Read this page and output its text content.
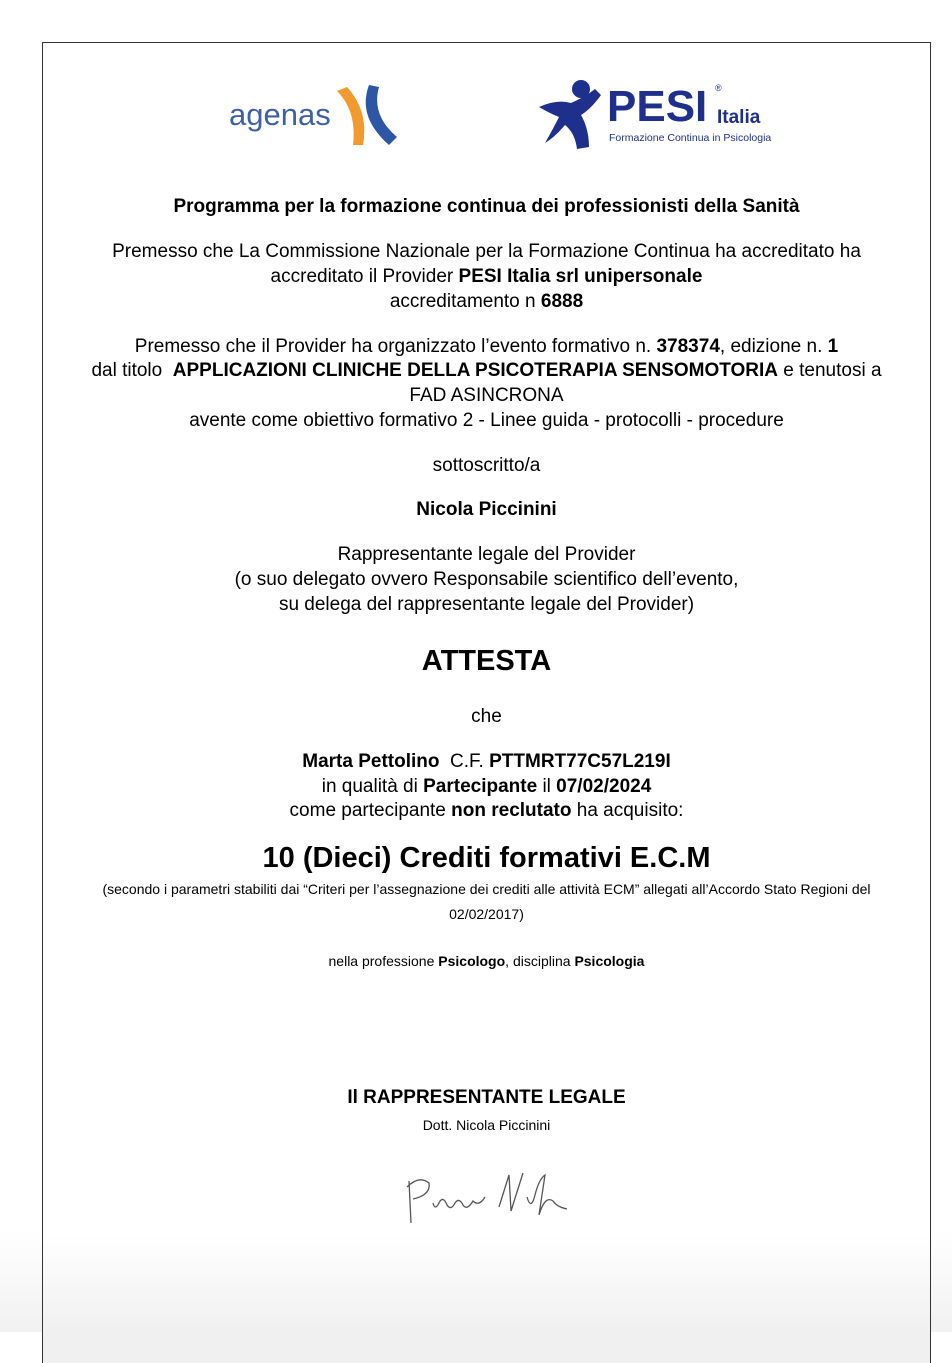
agenas	PESI ®
Italia
Formazione Continua in Psicologia
Programma per la formazione continua dei professionisti della Sanità
Premesso che La Commissione Nazionale per la Formazione Continua ha accreditato ha
accreditato il Provider PESI Italia srl unipersonale
accreditamento n 6888
Premesso che il Provider ha organizzato l’evento formativo n. 378374, edizione n. 1
dal titolo  APPLICAZIONI CLINICHE DELLA PSICOTERAPIA SENSOMOTORIA e tenutosi a
FAD ASINCRONA
avente come obiettivo formativo 2 - Linee guida - protocolli - procedure
sottoscritto/a
Nicola Piccinini
Rappresentante legale del Provider
(o suo delegato ovvero Responsabile scientifico dell’evento,
su delega del rappresentante legale del Provider)
ATTESTA
che
Marta Pettolino  C.F. PTTMRT77C57L219I
in qualità di Partecipante il 07/02/2024
come partecipante non reclutato ha acquisito:
10 (Dieci) Crediti formativi E.C.M
(secondo i parametri stabiliti dai “Criteri per l’assegnazione dei crediti alle attività ECM” allegati all’Accordo Stato Regioni del
02/02/2017)
nella professione Psicologo, disciplina Psicologia
Il RAPPRESENTANTE LEGALE
Dott. Nicola Piccinini
